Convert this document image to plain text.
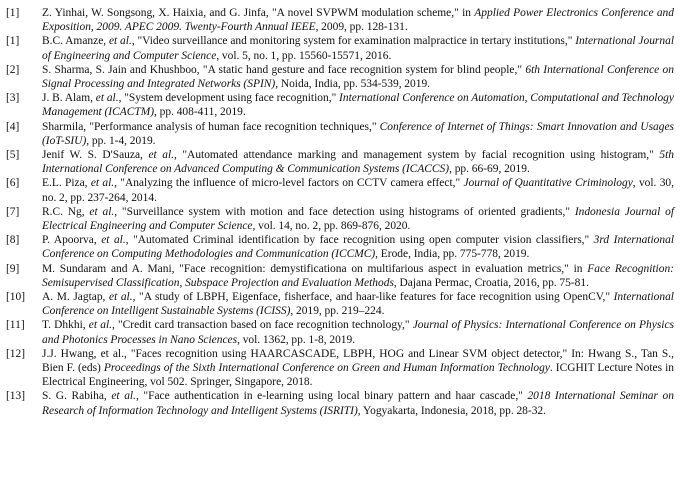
[1]	Z. Yinhai, W. Songsong, X. Haixia, and G. Jinfa, "A novel SVPWM modulation scheme," in Applied Power Electronics Conference and Exposition, 2009. APEC 2009. Twenty-Fourth Annual IEEE, 2009, pp. 128-131.
[1]	B.C. Amanze, et al., "Video surveillance and monitoring system for examination malpractice in tertary institutions," International Journal of Engineering and Computer Science, vol. 5, no. 1, pp. 15560-15571, 2016.
[2]	S. Sharma, S. Jain and Khushboo, "A static hand gesture and face recognition system for blind people," 6th International Conference on Signal Processing and Integrated Networks (SPIN), Noida, India, pp. 534-539, 2019.
[3]	J. B. Alam, et al., "System development using face recognition," International Conference on Automation, Computational and Technology Management (ICACTM), pp. 408-411, 2019.
[4]	Sharmila, "Performance analysis of human face recognition techniques," Conference of Internet of Things: Smart Innovation and Usages (IoT-SIU), pp. 1-4, 2019.
[5]	Jenif W. S. D'Sauza, et al., "Automated attendance marking and management system by facial recognition using histogram," 5th International Conference on Advanced Computing & Communication Systems (ICACCS), pp. 66-69, 2019.
[6]	E.L. Piza, et al., "Analyzing the influence of micro-level factors on CCTV camera effect," Journal of Quantitative Criminology, vol. 30, no. 2, pp. 237-264, 2014.
[7]	R.C. Ng, et al., "Surveillance system with motion and face detection using histograms of oriented gradients," Indonesia Journal of Electrical Engineering and Computer Science, vol. 14, no. 2, pp. 869-876, 2020.
[8]	P. Apoorva, et al., "Automated Criminal identification by face recognition using open computer vision classifiers," 3rd International Conference on Computing Methodologies and Communication (ICCMC), Erode, India, pp. 775-778, 2019.
[9]	M. Sundaram and A. Mani, "Face recognition: demystificationa on multifarious aspect in evaluation metrics," in Face Recognition: Semisupervised Classification, Subspace Projection and Evaluation Methods, Dajana Permac, Croatia, 2016, pp. 75-81.
[10]	A. M. Jagtap, et al., "A study of LBPH, Eigenface, fisherface, and haar-like features for face recognition using OpenCV," International Conference on Intelligent Sustainable Systems (ICISS), 2019, pp. 219–224.
[11]	T. Dhkhi, et al., "Credit card transaction based on face recognition technology," Journal of Physics: International Conference on Physics and Photonics Processes in Nano Sciences, vol. 1362, pp. 1-8, 2019.
[12]	J.J. Hwang, et al., "Faces recognition using HAARCASCADE, LBPH, HOG and Linear SVM object detector," In: Hwang S., Tan S., Bien F. (eds) Proceedings of the Sixth International Conference on Green and Human Information Technology. ICGHIT Lecture Notes in Electrical Engineering, vol 502. Springer, Singapore, 2018.
[13]	S. G. Rabiha, et al., "Face authentication in e-learning using local binary pattern and haar cascade," 2018 International Seminar on Research of Information Technology and Intelligent Systems (ISRITI), Yogyakarta, Indonesia, 2018, pp. 28-32.
